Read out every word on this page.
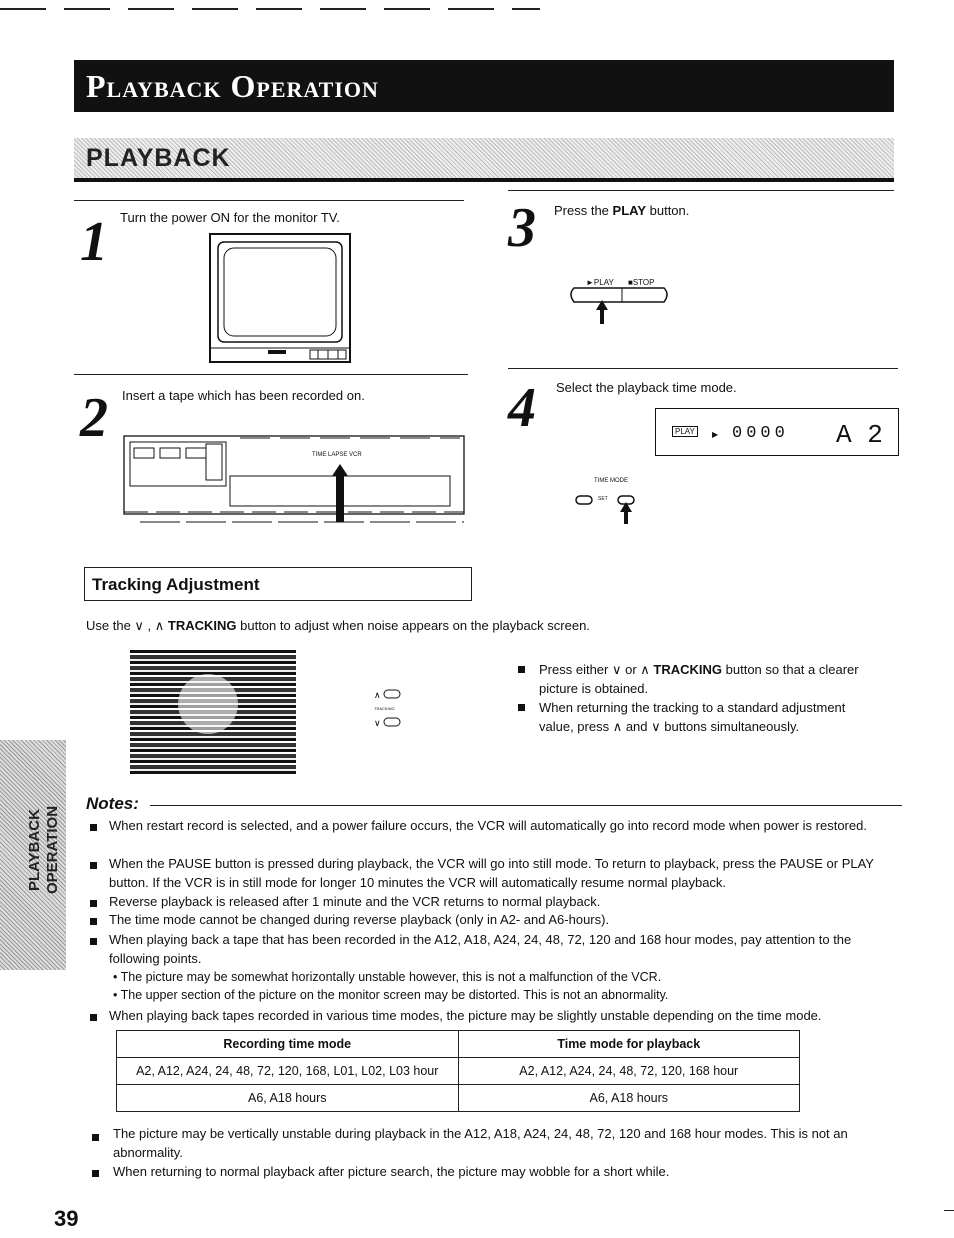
Playback Operation
PLAYBACK
1 Turn the power ON for the monitor TV.	3 Press the PLAY button.
►PLAY ■STOP
2 Insert a tape which has been recorded on.
TIME LAPSE VCR
4 Select the playback time mode.
PLAY	▶ 0000 A 2
TIME MODE
SET
Tracking Adjustment
Use the ∨ , ∧ TRACKING button to adjust when noise appears on the playback screen.
∧
∨
TRACKING
Press either ∨ or ∧ TRACKING button so that a clearer picture is obtained.
When returning the tracking to a standard adjustment value, press ∧ and ∨ buttons simultaneously.
Notes:
When restart record is selected, and a power failure occurs, the VCR will automatically go into record mode when power is restored.
When the PAUSE button is pressed during playback, the VCR will go into still mode. To return to playback, press the PAUSE or PLAY button. If the VCR is in still mode for longer 10 minutes the VCR will automatically resume normal playback.
Reverse playback is released after 1 minute and the VCR returns to normal playback.
The time mode cannot be changed during reverse playback (only in A2- and A6-hours).
When playing back a tape that has been recorded in the A12, A18, A24, 24, 48, 72, 120 and 168 hour modes, pay attention to the following points.
• The picture may be somewhat horizontally unstable however, this is not a malfunction of the VCR.
• The upper section of the picture on the monitor screen may be distorted. This is not an abnormality.
When playing back tapes recorded in various time modes, the picture may be slightly unstable depending on the time mode.
Recording time mode	Time mode for playback
A2, A12, A24, 24, 48, 72, 120, 168, L01, L02, L03 hour	A2, A12, A24, 24, 48, 72, 120, 168 hour
A6, A18 hours	A6, A18 hours
The picture may be vertically unstable during playback in the A12, A18, A24, 24, 48, 72, 120 and 168 hour modes. This is not an abnormality.
When returning to normal playback after picture search, the picture may wobble for a short while.
PLAYBACK OPERATION
39
